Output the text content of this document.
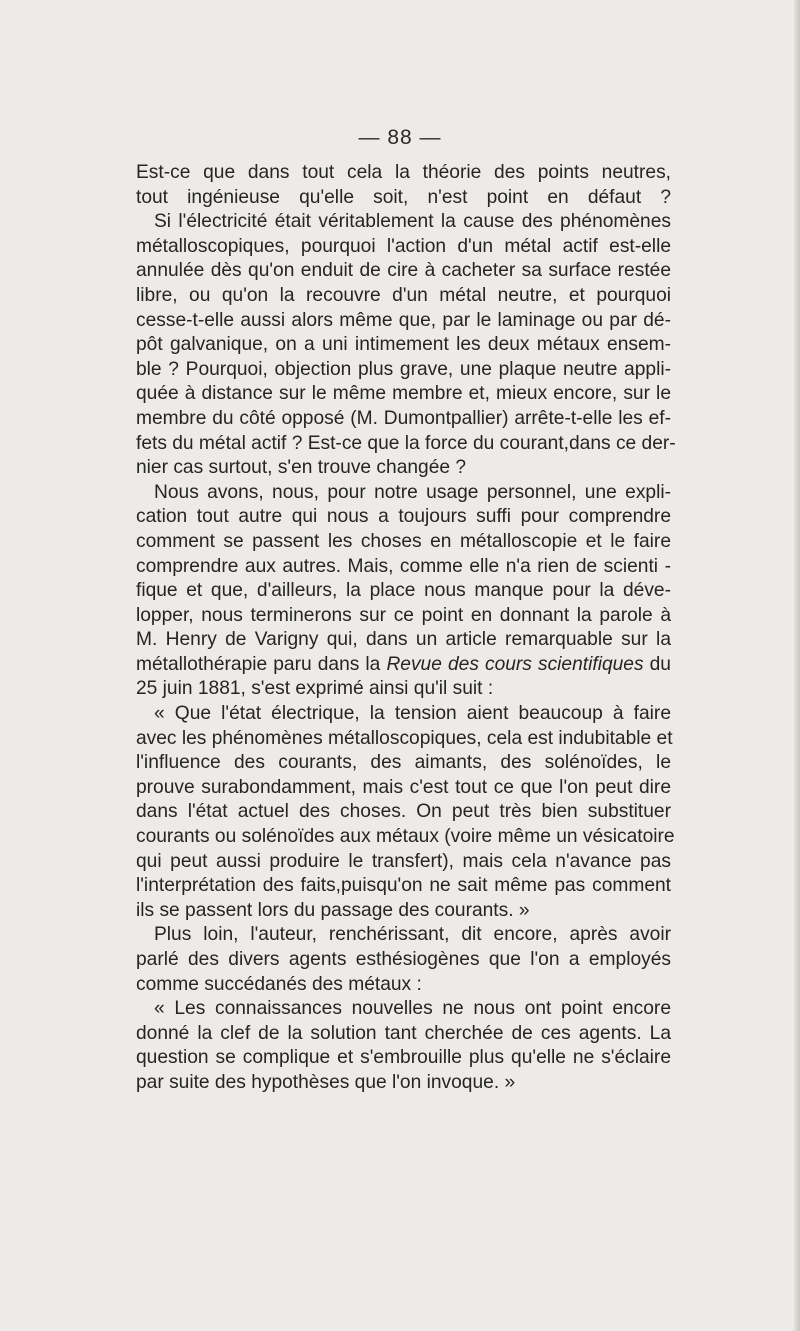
— 88 —
Est-ce que dans tout cela la théorie des points neutres,
tout ingénieuse qu'elle soit, n'est point en défaut ?
Si l'électricité était véritablement la cause des phénomènes
métalloscopiques, pourquoi l'action d'un métal actif est-elle
annulée dès qu'on enduit de cire à cacheter sa surface restée
libre, ou qu'on la recouvre d'un métal neutre, et pourquoi
cesse-t-elle aussi alors même que, par le laminage ou par dé-
pôt galvanique, on a uni intimement les deux métaux ensem-
ble ? Pourquoi, objection plus grave, une plaque neutre appli-
quée à distance sur le même membre et, mieux encore, sur le
membre du côté opposé (M. Dumontpallier) arrête-t-elle les ef-
fets du métal actif ? Est-ce que la force du courant,dans ce der-
nier cas surtout, s'en trouve changée ?
Nous avons, nous, pour notre usage personnel, une expli-
cation tout autre qui nous a toujours suffi pour comprendre
comment se passent les choses en métalloscopie et le faire
comprendre aux autres. Mais, comme elle n'a rien de scienti -
fique et que, d'ailleurs, la place nous manque pour la déve-
lopper, nous terminerons sur ce point en donnant la parole à
M. Henry de Varigny qui, dans un article remarquable sur la
métallothérapie paru dans la Revue des cours scientifiques du
25 juin 1881, s'est exprimé ainsi qu'il suit :
« Que l'état électrique, la tension aient beaucoup à faire
avec les phénomènes métalloscopiques, cela est indubitable et
l'influence des courants, des aimants, des solénoïdes, le
prouve surabondamment, mais c'est tout ce que l'on peut dire
dans l'état actuel des choses. On peut très bien substituer
courants ou solénoïdes aux métaux (voire même un vésicatoire
qui peut aussi produire le transfert), mais cela n'avance pas
l'interprétation des faits,puisqu'on ne sait même pas comment
ils se passent lors du passage des courants. »
Plus loin, l'auteur, renchérissant, dit encore, après avoir
parlé des divers agents esthésiogènes que l'on a employés
comme succédanés des métaux :
« Les connaissances nouvelles ne nous ont point encore
donné la clef de la solution tant cherchée de ces agents. La
question se complique et s'embrouille plus qu'elle ne s'éclaire
par suite des hypothèses que l'on invoque. »
